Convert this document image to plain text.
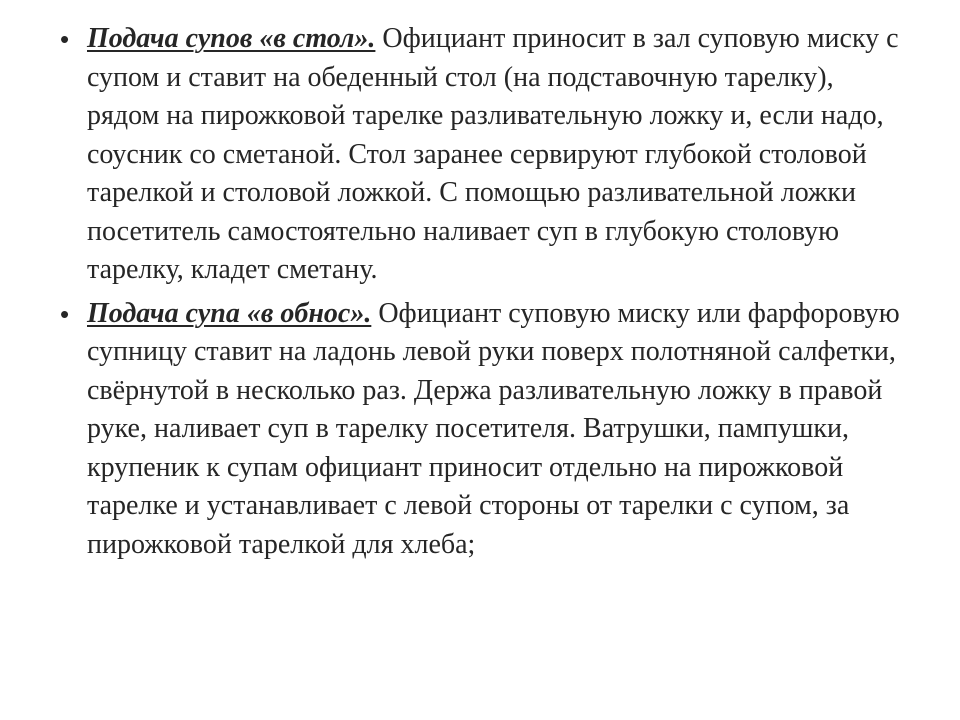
• Подача супов «в стол». Официант приносит в зал суповую миску с супом и ставит на обеденный стол (на подставочную тарелку), рядом на пирожковой тарелке разливательную ложку и, если надо, соусник со сметаной. Стол заранее сервируют глубокой столовой тарелкой и столовой ложкой. С помощью разливательной ложки посетитель самостоятельно наливает суп в глубокую столовую тарелку, кладет сметану.
• Подача супа «в обнос». Официант суповую миску или фарфоровую супницу ставит на ладонь левой руки поверх полотняной салфетки, свёрнутой в несколько раз. Держа разливательную ложку в правой руке, наливает суп в тарелку посетителя. Ватрушки, пампушки, крупеник к супам официант приносит отдельно на пирожковой тарелке и устанавливает с левой стороны от тарелки с супом, за пирожковой тарелкой для хлеба;
